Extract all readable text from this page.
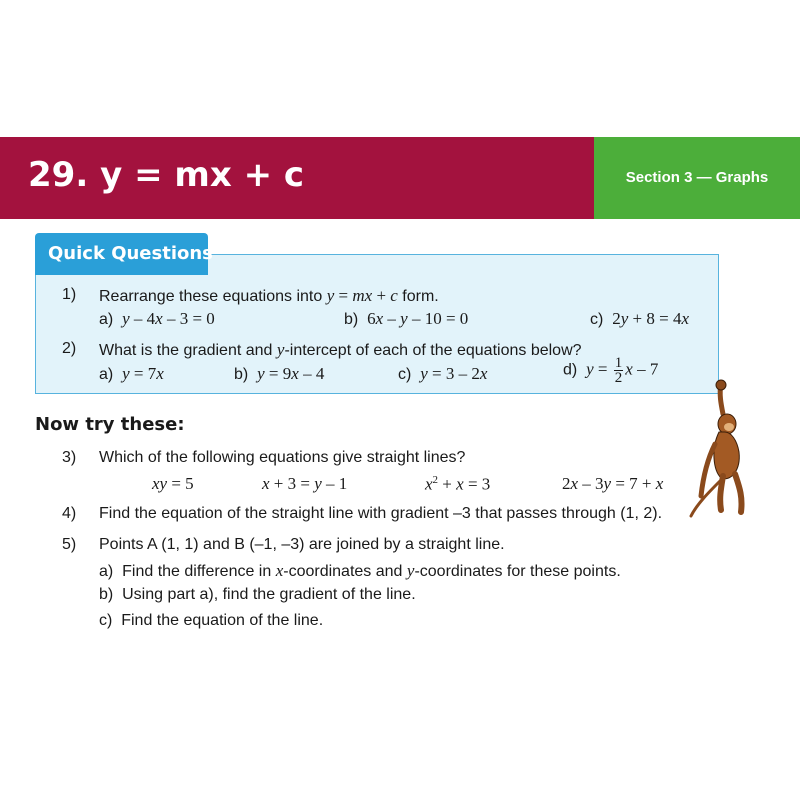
29. y = mx + c	Section 3 — Graphs
Quick Questions
1) Rearrange these equations into y = mx + c form.
a) y – 4x – 3 = 0	b) 6x – y – 10 = 0	c) 2y + 8 = 4x
2) What is the gradient and y-intercept of each of the equations below?
a) y = 7x	b) y = 9x – 4	c) y = 3 – 2x	d) $y = \frac{1}{2}$ x – 7
Now try these:
3) Which of the following equations give straight lines?
xy = 5	x + 3 = y – 1	$x^2 + x = 3$	2x – 3y = 7 + x
4) Find the equation of the straight line with gradient –3 that passes through (1, 2).
5) Points A (1, 1) and B (–1, –3) are joined by a straight line.
a) Find the difference in x-coordinates and y-coordinates for these points.
b) Using part a), find the gradient of the line.
c) Find the equation of the line.
